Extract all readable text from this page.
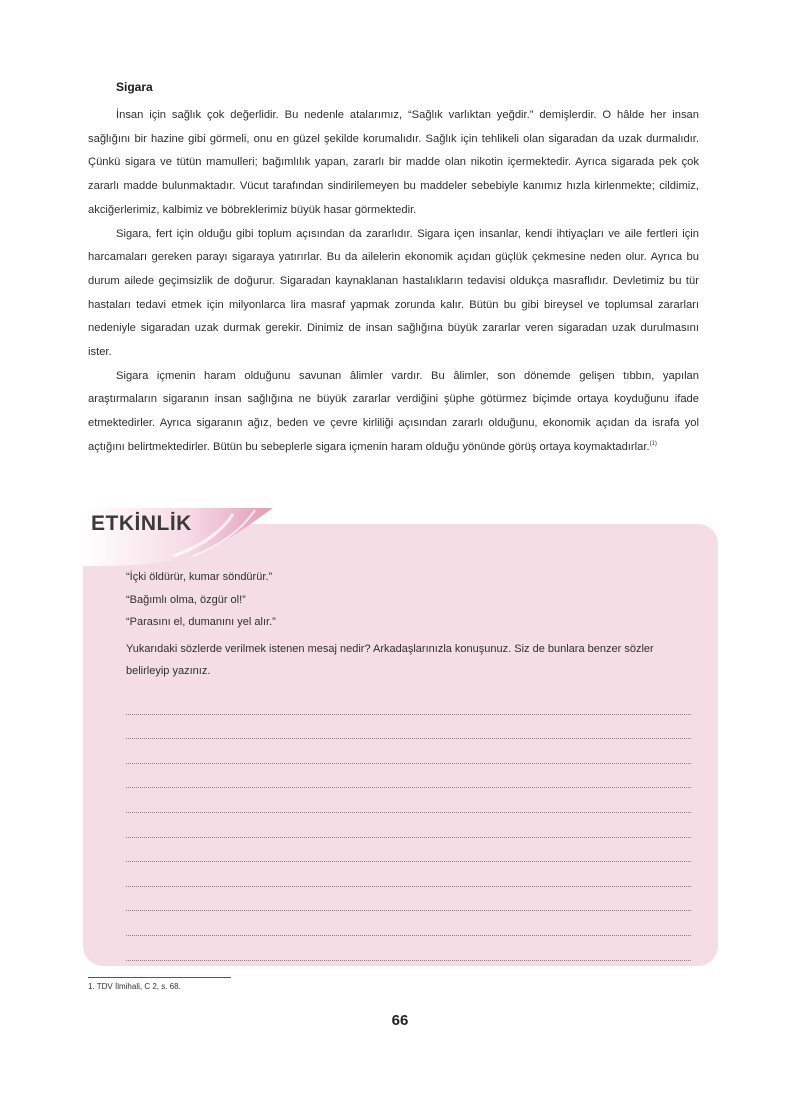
Sigara

İnsan için sağlık çok değerlidir. Bu nedenle atalarımız, “Sağlık varlıktan yeğdir.” demişlerdir. O hâlde her insan sağlığını bir hazine gibi görmeli, onu en güzel şekilde korumalıdır. Sağlık için tehlikeli olan sigaradan da uzak durmalıdır. Çünkü sigara ve tütün mamulleri; bağımlılık yapan, zararlı bir madde olan nikotin içermektedir. Ayrıca sigarada pek çok zararlı madde bulunmaktadır. Vücut tarafından sindirilemeyen bu maddeler sebebiyle kanımız hızla kirlenmekte; cildimiz, akciğerlerimiz, kalbimiz ve böbreklerimiz büyük hasar görmektedir.

Sigara, fert için olduğu gibi toplum açısından da zararlıdır. Sigara içen insanlar, kendi ihtiyaçları ve aile fertleri için harcamaları gereken parayı sigaraya yatırırlar. Bu da ailelerin ekonomik açıdan güçlük çekmesine neden olur. Ayrıca bu durum ailede geçimsizlik de doğurur. Sigaradan kaynaklanan hastalıkların tedavisi oldukça masraflıdır. Devletimiz bu tür hastaları tedavi etmek için milyonlarca lira masraf yapmak zorunda kalır. Bütün bu gibi bireysel ve toplumsal zararları nedeniyle sigaradan uzak durmak gerekir. Dinimiz de insan sağlığına büyük zararlar veren sigaradan uzak durulmasını ister.

Sigara içmenin haram olduğunu savunan âlimler vardır. Bu âlimler, son dönemde gelişen tıbbın, yapılan araştırmaların sigaranın insan sağlığına ne büyük zararlar verdiğini şüphe götürmez biçimde ortaya koyduğunu ifade etmektedirler. Ayrıca sigaranın ağız, beden ve çevre kirliliği açısından zararlı olduğunu, ekonomik açıdan da israfa yol açtığını belirtmektedirler. Bütün bu sebeplerle sigara içmenin haram olduğu yönünde görüş ortaya koymaktadırlar.$^{(1)}$

ETKİNLİK
“İçki öldürür, kumar söndürür.”
“Bağımlı olma, özgür ol!”
“Parasını el, dumanını yel alır.”
Yukarıdaki sözlerde verilmek istenen mesaj nedir? Arkadaşlarınızla konuşunuz. Siz de bunlara benzer sözler belirleyip yazınız.
1. TDV İlmihali, C 2, s. 68.
66
